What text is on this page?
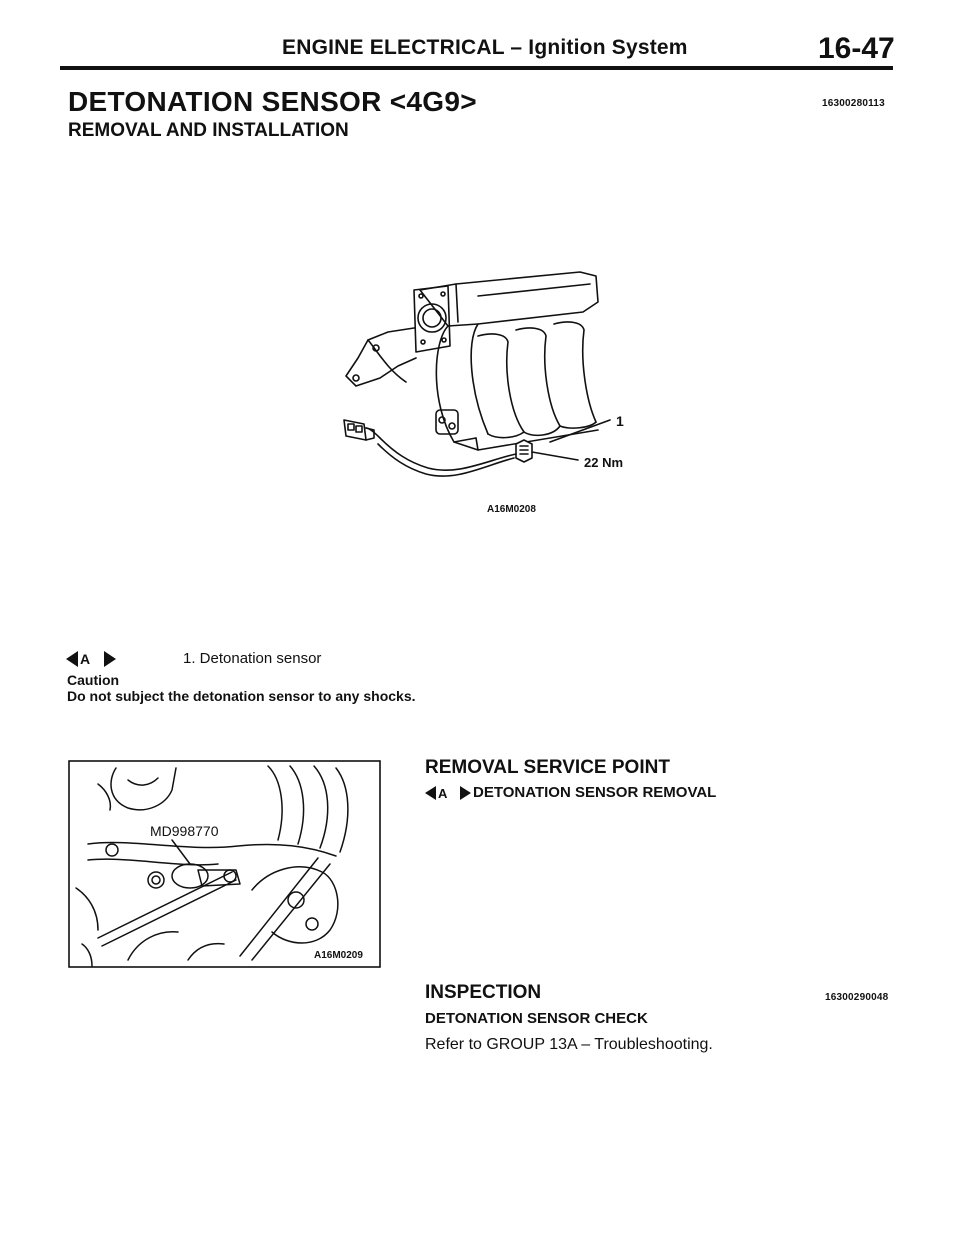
ENGINE ELECTRICAL – Ignition System	16-47
DETONATION SENSOR <4G9>	16300280113
REMOVAL AND INSTALLATION
1
22 Nm
A16M0208
A	1. Detonation sensor
Caution
Do not subject the detonation sensor to any shocks.
MD998770
A16M0209
REMOVAL SERVICE POINT
A DETONATION SENSOR REMOVAL
INSPECTION	16300290048
DETONATION SENSOR CHECK
Refer to GROUP 13A – Troubleshooting.
